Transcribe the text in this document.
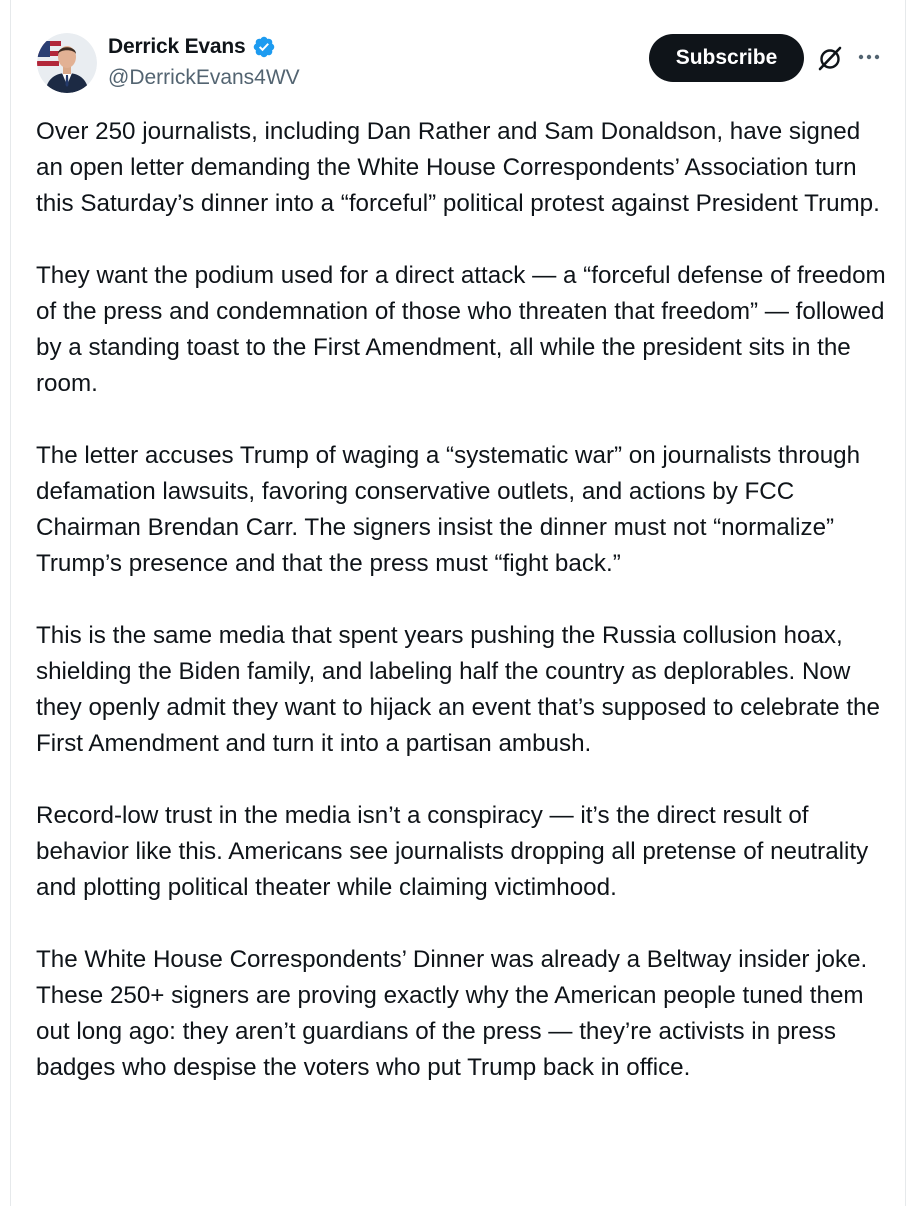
Derrick Evans
@DerrickEvans4WV
Subscribe

Over 250 journalists, including Dan Rather and Sam Donaldson, have signed an open letter demanding the White House Correspondents’ Association turn this Saturday’s dinner into a “forceful” political protest against President Trump.

They want the podium used for a direct attack — a “forceful defense of freedom of the press and condemnation of those who threaten that freedom” — followed by a standing toast to the First Amendment, all while the president sits in the room.

The letter accuses Trump of waging a “systematic war” on journalists through defamation lawsuits, favoring conservative outlets, and actions by FCC Chairman Brendan Carr. The signers insist the dinner must not “normalize” Trump’s presence and that the press must “fight back.”

This is the same media that spent years pushing the Russia collusion hoax, shielding the Biden family, and labeling half the country as deplorables. Now they openly admit they want to hijack an event that’s supposed to celebrate the First Amendment and turn it into a partisan ambush.

Record-low trust in the media isn’t a conspiracy — it’s the direct result of behavior like this. Americans see journalists dropping all pretense of neutrality and plotting political theater while claiming victimhood.

The White House Correspondents’ Dinner was already a Beltway insider joke. These 250+ signers are proving exactly why the American people tuned them out long ago: they aren’t guardians of the press — they’re activists in press badges who despise the voters who put Trump back in office.
